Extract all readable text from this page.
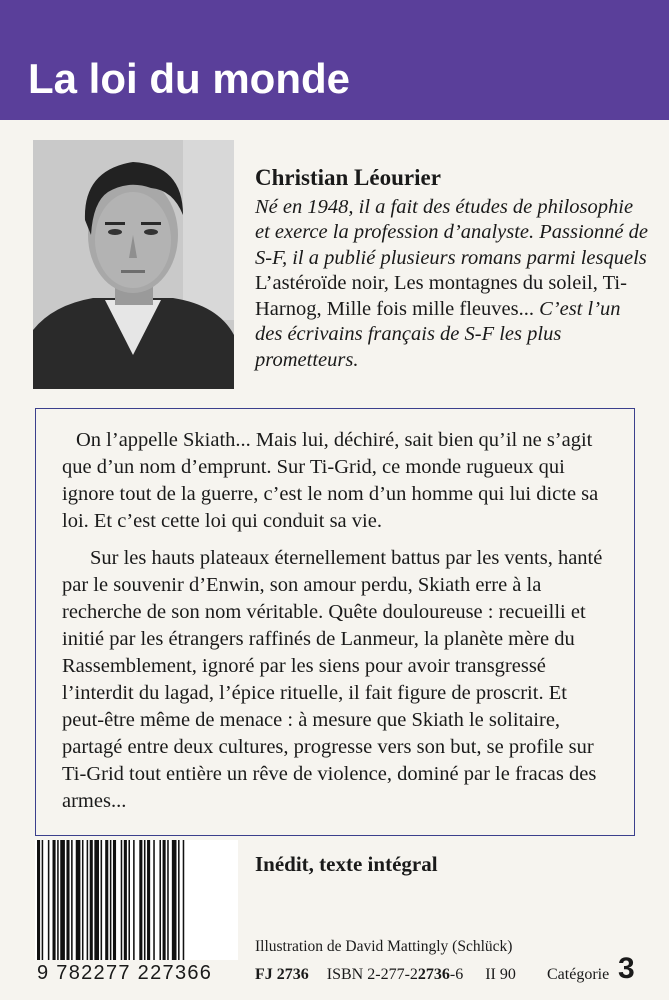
La loi du monde
Christian Léourier
Né en 1948, il a fait des études de philosophie et exerce la profession d’analyste. Passionné de S-F, il a publié plusieurs romans parmi lesquels L’astéroïde noir, Les montagnes du soleil, Ti-Harnog, Mille fois mille fleuves... C’est l’un des écrivains français de S-F les plus prometteurs.

On l’appelle Skiath... Mais lui, déchiré, sait bien qu’il ne s’agit que d’un nom d’emprunt. Sur Ti-Grid, ce monde rugueux qui ignore tout de la guerre, c’est le nom d’un homme qui lui dicte sa loi. Et c’est cette loi qui conduit sa vie.

Sur les hauts plateaux éternellement battus par les vents, hanté par le souvenir d’Enwin, son amour perdu, Skiath erre à la recherche de son nom véritable. Quête douloureuse : recueilli et initié par les étrangers raffinés de Lanmeur, la planète mère du Rassemblement, ignoré par les siens pour avoir transgressé l’interdit du lagad, l’épice rituelle, il fait figure de proscrit. Et peut-être même de menace : à mesure que Skiath le solitaire, partagé entre deux cultures, progresse vers son but, se profile sur Ti-Grid tout entière un rêve de violence, dominé par le fracas des armes...

9 782277 227366
Inédit, texte intégral
Illustration de David Mattingly (Schlück)
FJ 2736 ISBN 2-277-22736-6 II 90 Catégorie 3
